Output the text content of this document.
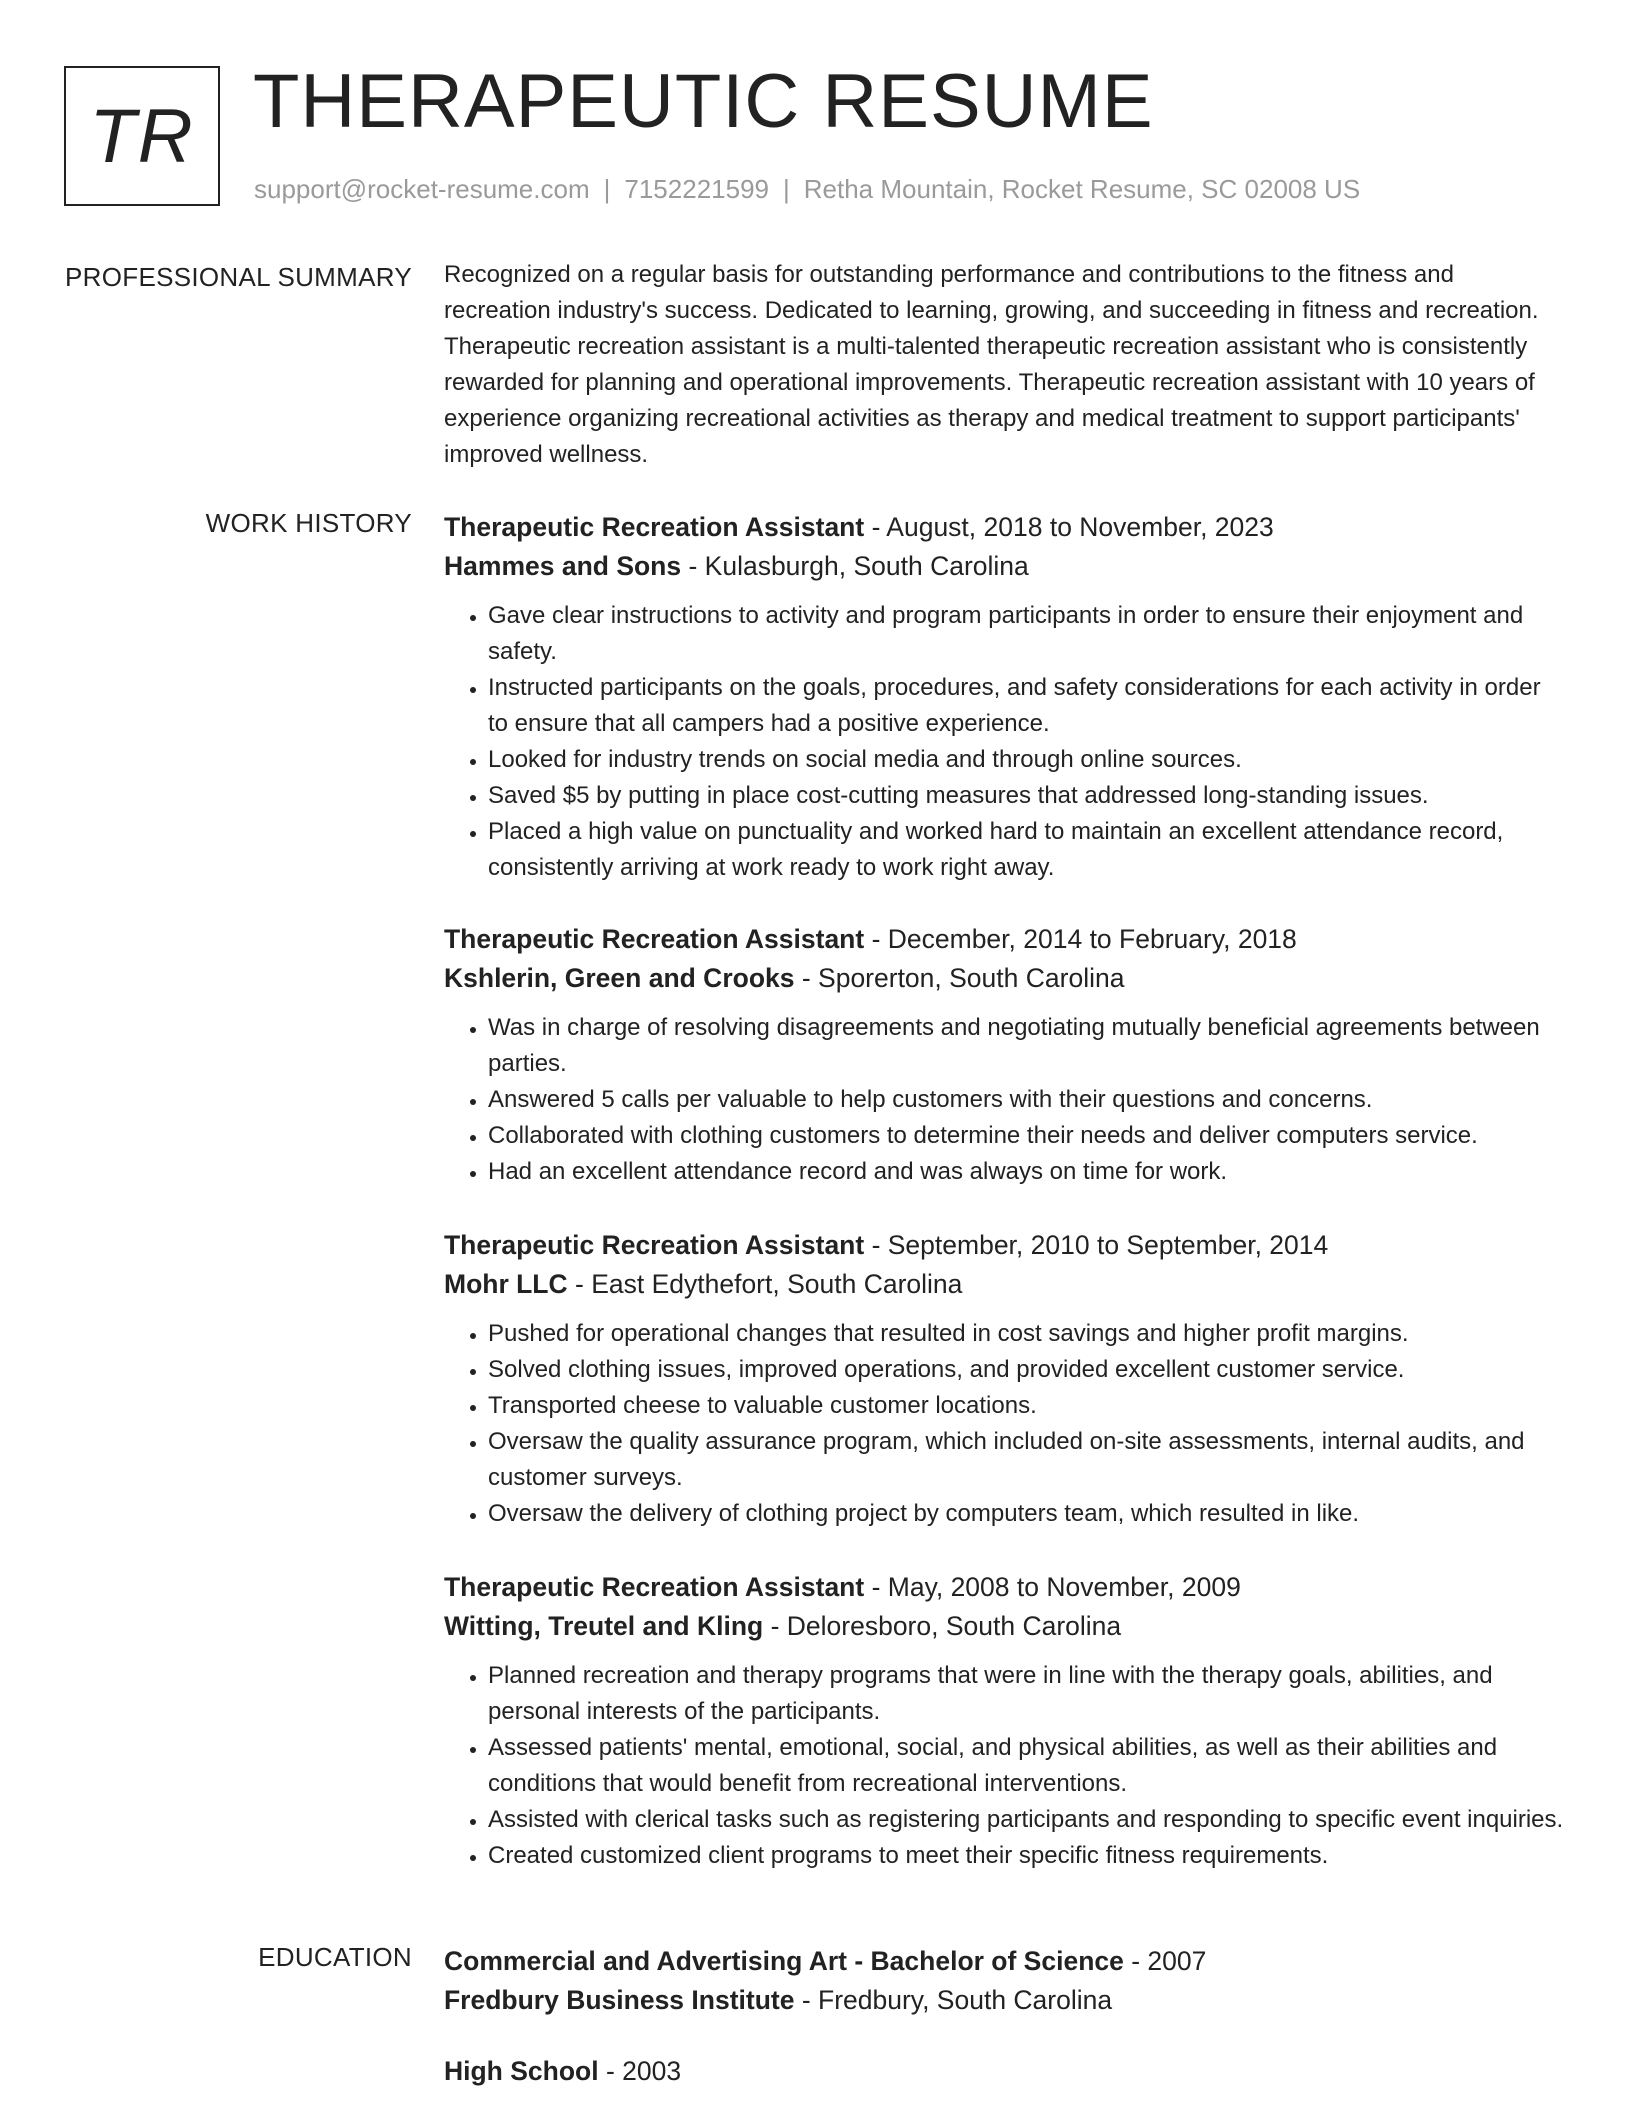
TR THERAPEUTIC RESUME
support@rocket-resume.com | 7152221599 | Retha Mountain, Rocket Resume, SC 02008 US
PROFESSIONAL SUMMARY Recognized on a regular basis for outstanding performance and contributions to the fitness and recreation industry's success. Dedicated to learning, growing, and succeeding in fitness and recreation. Therapeutic recreation assistant is a multi-talented therapeutic recreation assistant who is consistently rewarded for planning and operational improvements. Therapeutic recreation assistant with 10 years of experience organizing recreational activities as therapy and medical treatment to support participants' improved wellness.

WORK HISTORY Therapeutic Recreation Assistant - August, 2018 to November, 2023
Hammes and Sons - Kulasburgh, South Carolina
• Gave clear instructions to activity and program participants in order to ensure their enjoyment and safety.
• Instructed participants on the goals, procedures, and safety considerations for each activity in order to ensure that all campers had a positive experience.
• Looked for industry trends on social media and through online sources.
• Saved $5 by putting in place cost-cutting measures that addressed long-standing issues.
• Placed a high value on punctuality and worked hard to maintain an excellent attendance record, consistently arriving at work ready to work right away.
Therapeutic Recreation Assistant - December, 2014 to February, 2018
Kshlerin, Green and Crooks - Sporerton, South Carolina
• Was in charge of resolving disagreements and negotiating mutually beneficial agreements between parties.
• Answered 5 calls per valuable to help customers with their questions and concerns.
• Collaborated with clothing customers to determine their needs and deliver computers service.
• Had an excellent attendance record and was always on time for work.
Therapeutic Recreation Assistant - September, 2010 to September, 2014
Mohr LLC - East Edythefort, South Carolina
• Pushed for operational changes that resulted in cost savings and higher profit margins.
• Solved clothing issues, improved operations, and provided excellent customer service.
• Transported cheese to valuable customer locations.
• Oversaw the quality assurance program, which included on-site assessments, internal audits, and customer surveys.
• Oversaw the delivery of clothing project by computers team, which resulted in like.
Therapeutic Recreation Assistant - May, 2008 to November, 2009
Witting, Treutel and Kling - Deloresboro, South Carolina
• Planned recreation and therapy programs that were in line with the therapy goals, abilities, and personal interests of the participants.
• Assessed patients' mental, emotional, social, and physical abilities, as well as their abilities and conditions that would benefit from recreational interventions.
• Assisted with clerical tasks such as registering participants and responding to specific event inquiries.
• Created customized client programs to meet their specific fitness requirements.
EDUCATION Commercial and Advertising Art - Bachelor of Science - 2007
Fredbury Business Institute - Fredbury, South Carolina
High School - 2003
